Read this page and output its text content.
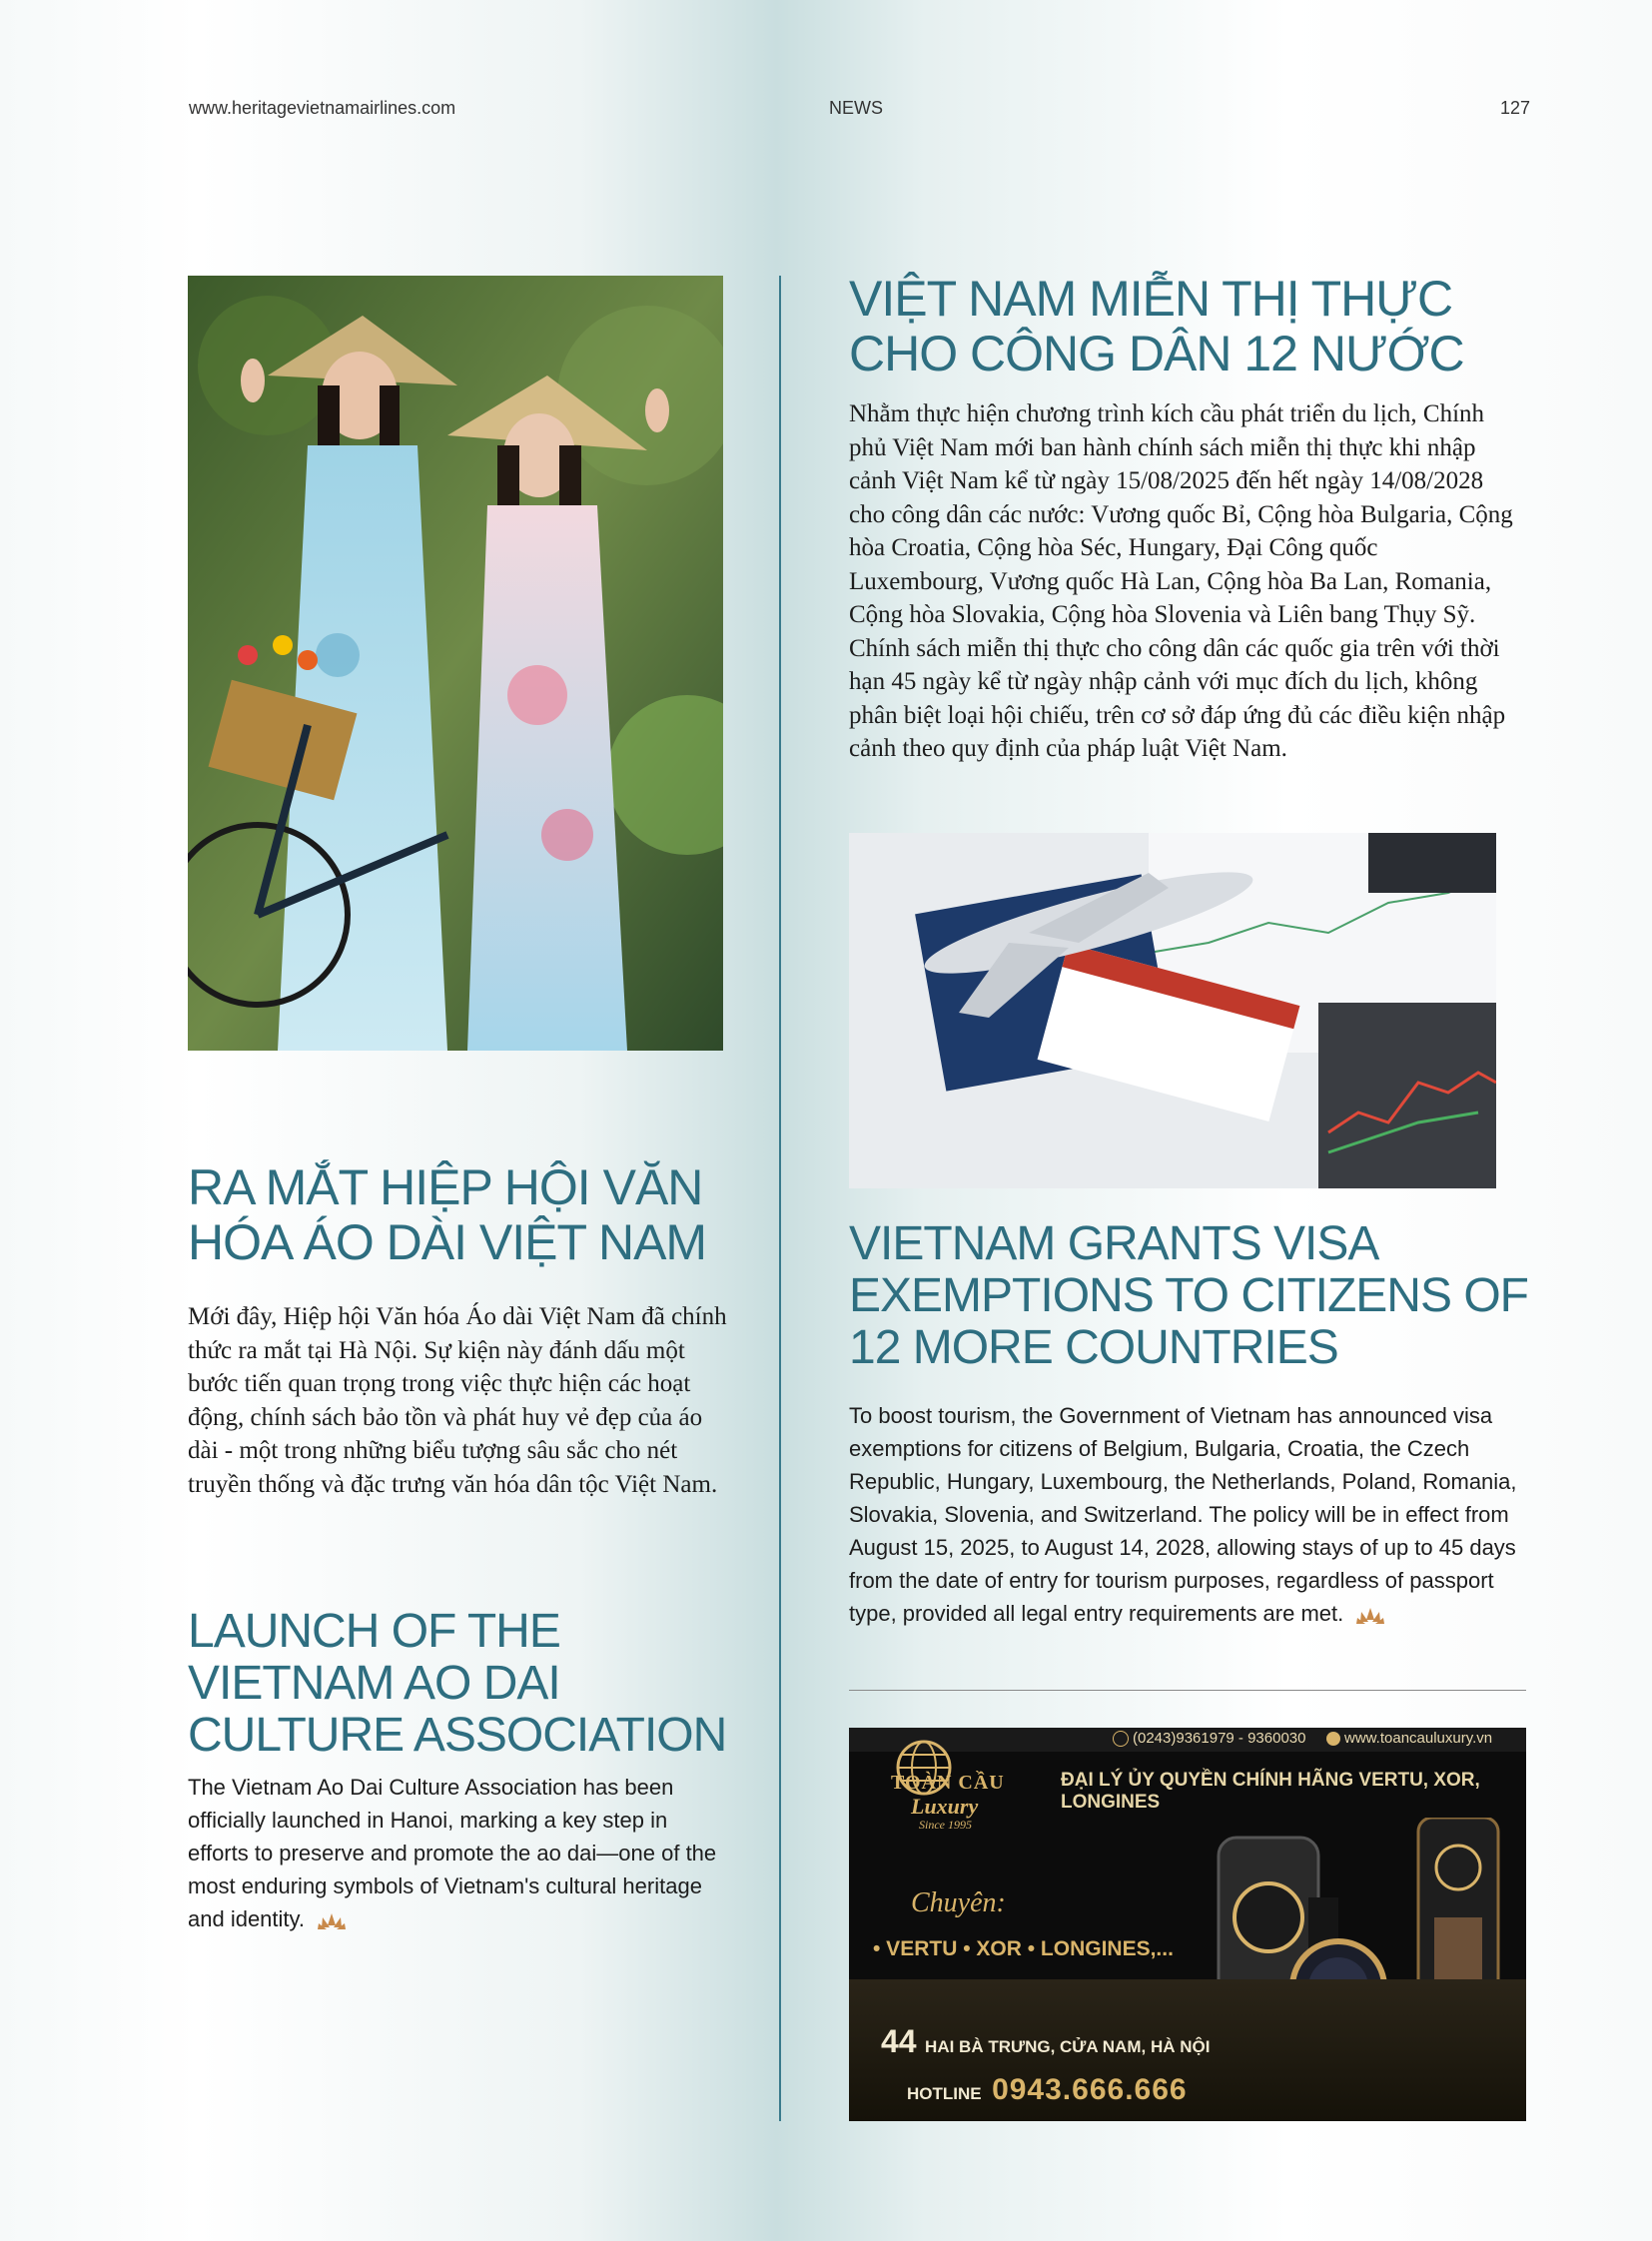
www.heritagevietnamairlines.com	NEWS	127
VIỆT NAM MIỄN THỊ THỰC
CHO CÔNG DÂN 12 NƯỚC

Nhằm thực hiện chương trình kích cầu phát triển du lịch, Chính phủ Việt Nam mới ban hành chính sách miễn thị thực khi nhập cảnh Việt Nam kể từ ngày 15/08/2025 đến hết ngày 14/08/2028 cho công dân các nước: Vương quốc Bỉ, Cộng hòa Bulgaria, Cộng hòa Croatia, Cộng hòa Séc, Hungary, Đại Công quốc Luxembourg, Vương quốc Hà Lan, Cộng hòa Ba Lan, Romania, Cộng hòa Slovakia, Cộng hòa Slovenia và Liên bang Thụy Sỹ.

Chính sách miễn thị thực cho công dân các quốc gia trên với thời hạn 45 ngày kể từ ngày nhập cảnh với mục đích du lịch, không phân biệt loại hội chiếu, trên cơ sở đáp ứng đủ các điều kiện nhập cảnh theo quy định của pháp luật Việt Nam.

VIETNAM GRANTS VISA
EXEMPTIONS TO CITIZENS OF
12 MORE COUNTRIES

To boost tourism, the Government of Vietnam has announced visa exemptions for citizens of Belgium, Bulgaria, Croatia, the Czech Republic, Hungary, Luxembourg, the Netherlands, Poland, Romania, Slovakia, Slovenia, and Switzerland. The policy will be in effect from August 15, 2025, to August 14, 2028, allowing stays of up to 45 days from the date of entry for tourism purposes, regardless of passport type, provided all legal entry requirements are met.

RA MẮT HIỆP HỘI VĂN
HÓA ÁO DÀI VIỆT NAM

Mới đây, Hiệp hội Văn hóa Áo dài Việt Nam đã chính thức ra mắt tại Hà Nội. Sự kiện này đánh dấu một bước tiến quan trọng trong việc thực hiện các hoạt động, chính sách bảo tồn và phát huy vẻ đẹp của áo dài - một trong những biểu tượng sâu sắc cho nét truyền thống và đặc trưng văn hóa dân tộc Việt Nam.

LAUNCH OF THE
VIETNAM AO DAI
CULTURE ASSOCIATION

The Vietnam Ao Dai Culture Association has been officially launched in Hanoi, marking a key step in efforts to preserve and promote the ao dai—one of the most enduring symbols of Vietnam's cultural heritage and identity.

(0243)9361979 - 9360030	www.toancauluxury.vn
TOÀN CẦU
Luxury
Since 1995
ĐẠI LÝ ỦY QUYỀN CHÍNH HÃNG VERTU, XOR, LONGINES
Chuyên:
• VERTU • XOR • LONGINES,...
44 HAI BÀ TRƯNG, CỬA NAM, HÀ NỘI
HOTLINE 0943.666.666
